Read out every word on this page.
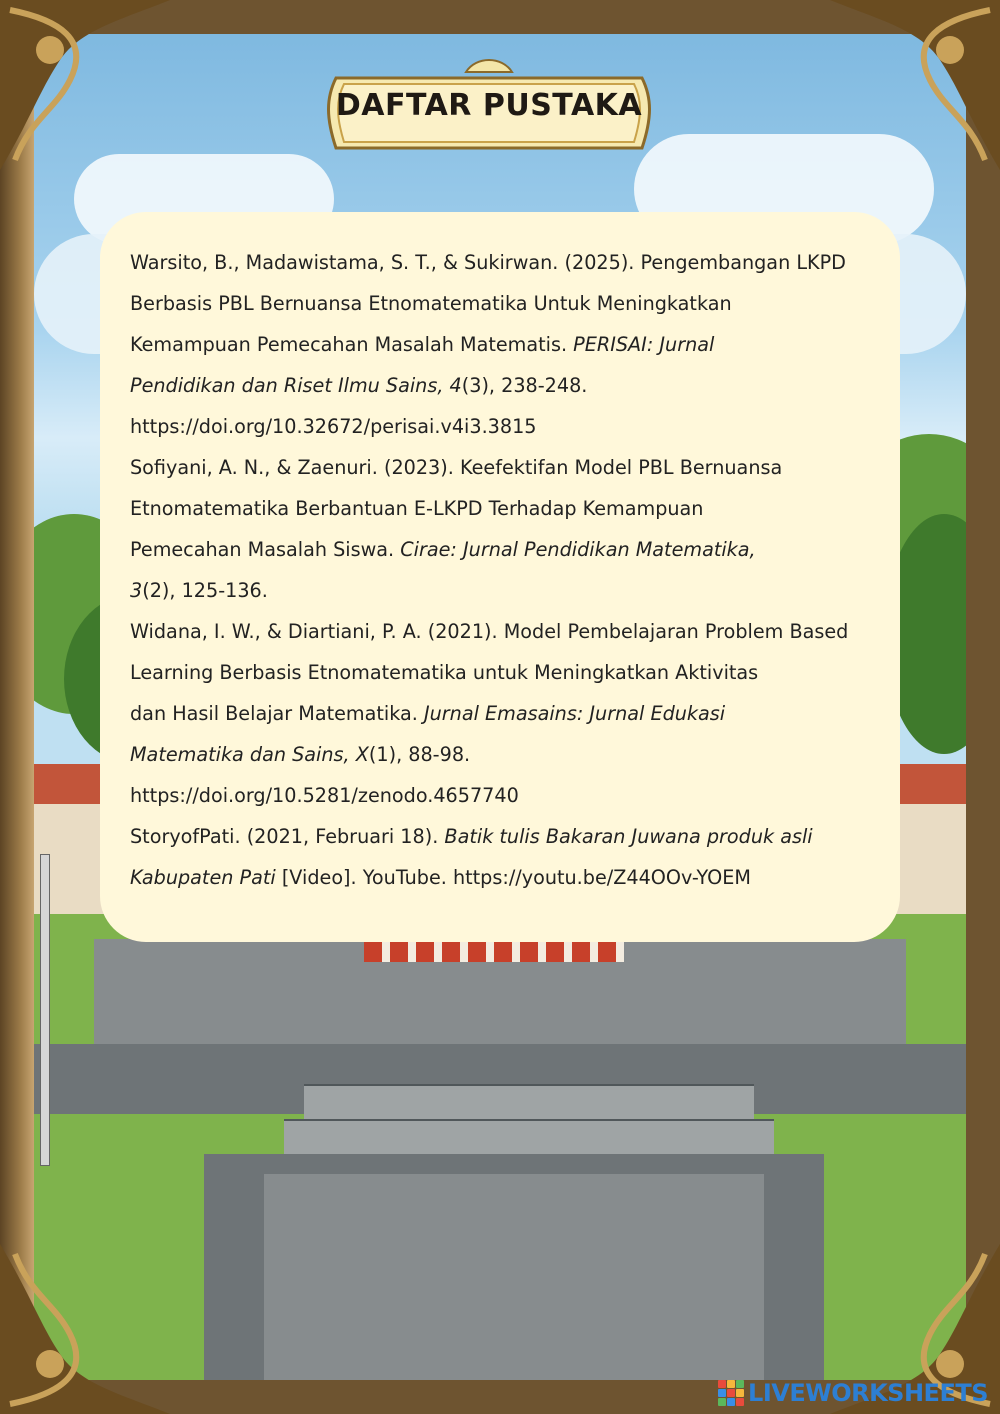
DAFTAR PUSTAKA

Warsito, B., Madawistama, S. T., & Sukirwan. (2025). Pengembangan LKPD
Berbasis PBL Bernuansa Etnomatematika Untuk Meningkatkan
Kemampuan Pemecahan Masalah Matematis. PERISAI: Jurnal
Pendidikan dan Riset Ilmu Sains, 4(3), 238-248.
https://doi.org/10.32672/perisai.v4i3.3815

Sofiyani, A. N., & Zaenuri. (2023). Keefektifan Model PBL Bernuansa
Etnomatematika Berbantuan E-LKPD Terhadap Kemampuan
Pemecahan Masalah Siswa. Cirae: Jurnal Pendidikan Matematika,
3(2), 125-136.

Widana, I. W., & Diartiani, P. A. (2021). Model Pembelajaran Problem Based
Learning Berbasis Etnomatematika untuk Meningkatkan Aktivitas
dan Hasil Belajar Matematika. Jurnal Emasains: Jurnal Edukasi
Matematika dan Sains, X(1), 88-98.
https://doi.org/10.5281/zenodo.4657740

StoryofPati. (2021, Februari 18). Batik tulis Bakaran Juwana produk asli
Kabupaten Pati [Video]. YouTube. https://youtu.be/Z44OOv-YOEM

LIVEWORKSHEETS
